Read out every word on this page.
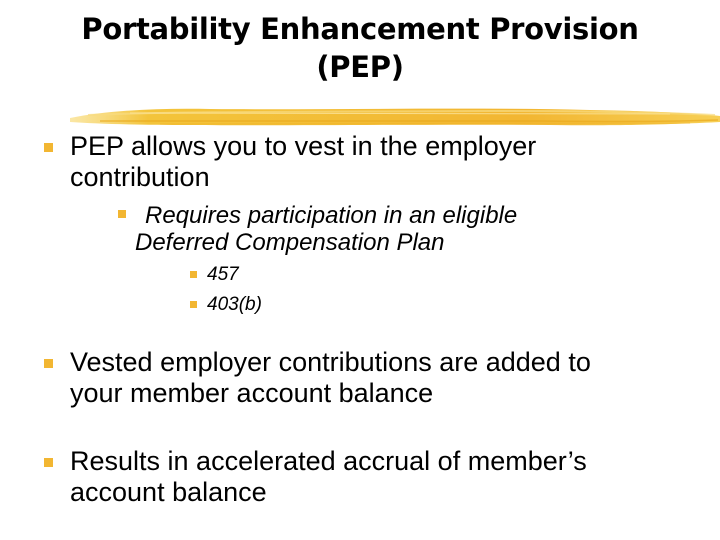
Portability Enhancement Provision
(PEP)
PEP allows you to vest in the employer
contribution
Requires participation in an eligible
Deferred Compensation Plan
457
403(b)
Vested employer contributions are added to
your member account balance
Results in accelerated accrual of member’s
account balance
